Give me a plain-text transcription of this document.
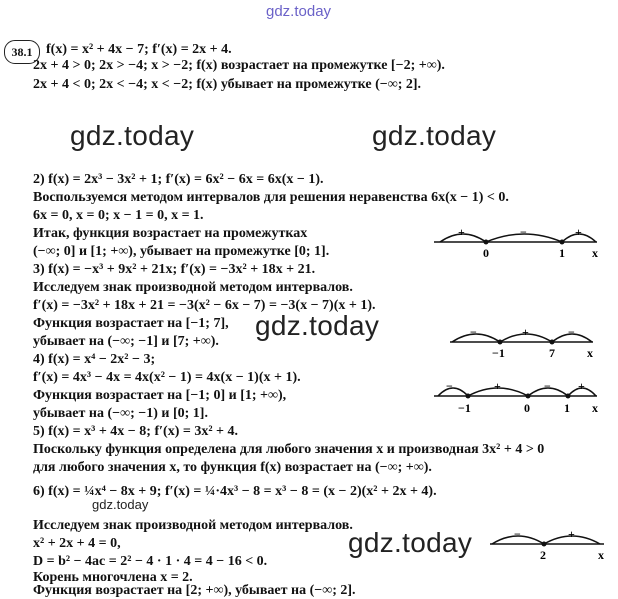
gdz.today
gdz.today	gdz.today
gdz.today
gdz.today
gdz.today
38.1 f(x) = x² + 4x − 7; f′(x) = 2x + 4.
2x + 4 > 0; 2x > −4; x > −2; f(x) возрастает на промежутке [−2; +∞).
2x + 4 < 0; 2x < −4; x < −2; f(x) убывает на промежутке (−∞; 2].
2) f(x) = 2x³ − 3x² + 1; f′(x) = 6x² − 6x = 6x(x − 1).
Воспользуемся методом интервалов для решения неравенства 6x(x − 1) < 0.
6x = 0, x = 0; x − 1 = 0, x = 1.
Итак, функция возрастает на промежутках
(−∞; 0] и [1; +∞), убывает на промежутке [0; 1].
3) f(x) = −x³ + 9x² + 21x; f′(x) = −3x² + 18x + 21.
Исследуем знак производной методом интервалов.
f′(x) = −3x² + 18x + 21 = −3(x² − 6x − 7) = −3(x − 7)(x + 1).
Функция возрастает на [−1; 7],
убывает на (−∞; −1] и [7; +∞).
4) f(x) = x⁴ − 2x² − 3;
f′(x) = 4x³ − 4x = 4x(x² − 1) = 4x(x − 1)(x + 1).
Функция возрастает на [−1; 0] и [1; +∞),
убывает на (−∞; −1) и [0; 1].
5) f(x) = x³ + 4x − 8; f′(x) = 3x² + 4.
Поскольку функция определена для любого значения x и производная 3x² + 4 > 0
для любого значения x, то функция f(x) возрастает на (−∞; +∞).
6) f(x) = ¼x⁴ − 8x + 9; f′(x) = ¼·4x³ − 8 = x³ − 8 = (x − 2)(x² + 2x + 4).
Исследуем знак производной методом интервалов.
x² + 2x + 4 = 0,
D = b² − 4ac = 2² − 4 · 1 · 4 = 4 − 16 < 0.
Корень многочлена x = 2.
Функция возрастает на [2; +∞), убывает на (−∞; 2].
+	−	+
0	1 x
−	+	−
−1	7	x
−	+	− +
−1	0	1 x
−	+
2	x
